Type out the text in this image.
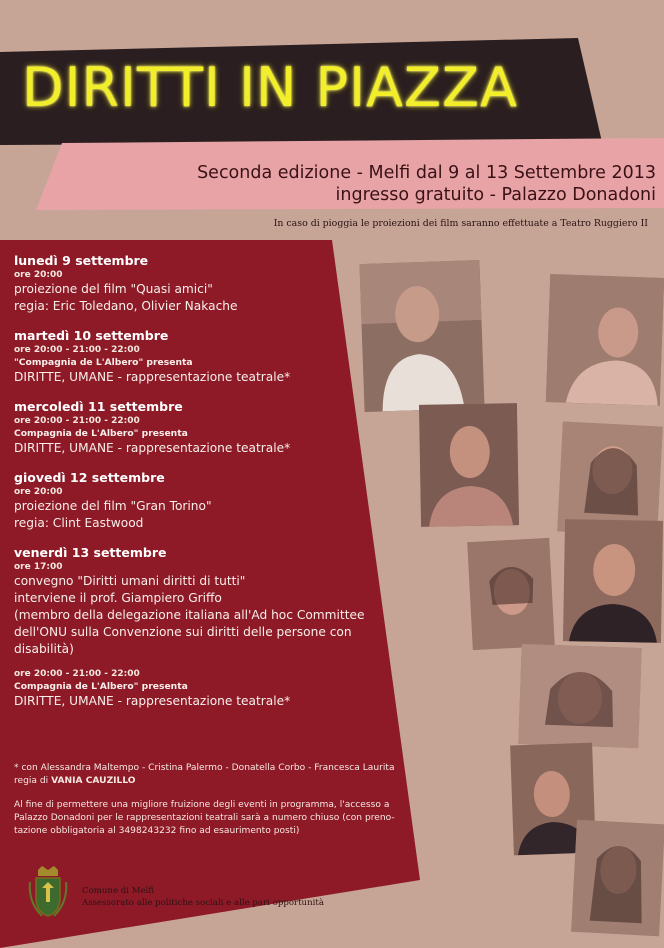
DIRITTI IN PIAZZA
Seconda edizione - Melfi dal 9 al 13 Settembre 2013
ingresso gratuito - Palazzo Donadoni
In caso di pioggia le proiezioni dei film saranno effettuate a Teatro Ruggiero II
lunedì 9 settembre
ore 20:00
proiezione del film "Quasi amici"
regia: Eric Toledano, Olivier Nakache
martedì 10 settembre
ore 20:00 - 21:00 - 22:00
"Compagnia de L'Albero" presenta
DIRITTE, UMANE - rappresentazione teatrale*
mercoledì 11 settembre
ore 20:00 - 21:00 - 22:00
Compagnia de L'Albero" presenta
DIRITTE, UMANE - rappresentazione teatrale*
giovedì 12 settembre
ore 20:00
proiezione del film "Gran Torino"
regia: Clint Eastwood
venerdì 13 settembre
ore 17:00
convegno "Diritti umani diritti di tutti"
interviene il prof. Giampiero Griffo
(membro della delegazione italiana all'Ad hoc Committee dell'ONU sulla Convenzione sui diritti delle persone con disabilità)
ore 20:00 - 21:00 - 22:00
Compagnia de L'Albero" presenta
DIRITTE, UMANE - rappresentazione teatrale*
* con Alessandra Maltempo - Cristina Palermo - Donatella Corbo - Francesca Laurita
regia di VANIA CAUZILLO
Al fine di permettere una migliore fruizione degli eventi in programma, l'accesso a Palazzo Donadoni per le rappresentazioni teatrali sarà a numero chiuso (con preno-tazione obbligatoria al 3498243232 fino ad esaurimento posti)
Comune di Melfi
Assessorato alle politiche sociali e alle pari opportunità
